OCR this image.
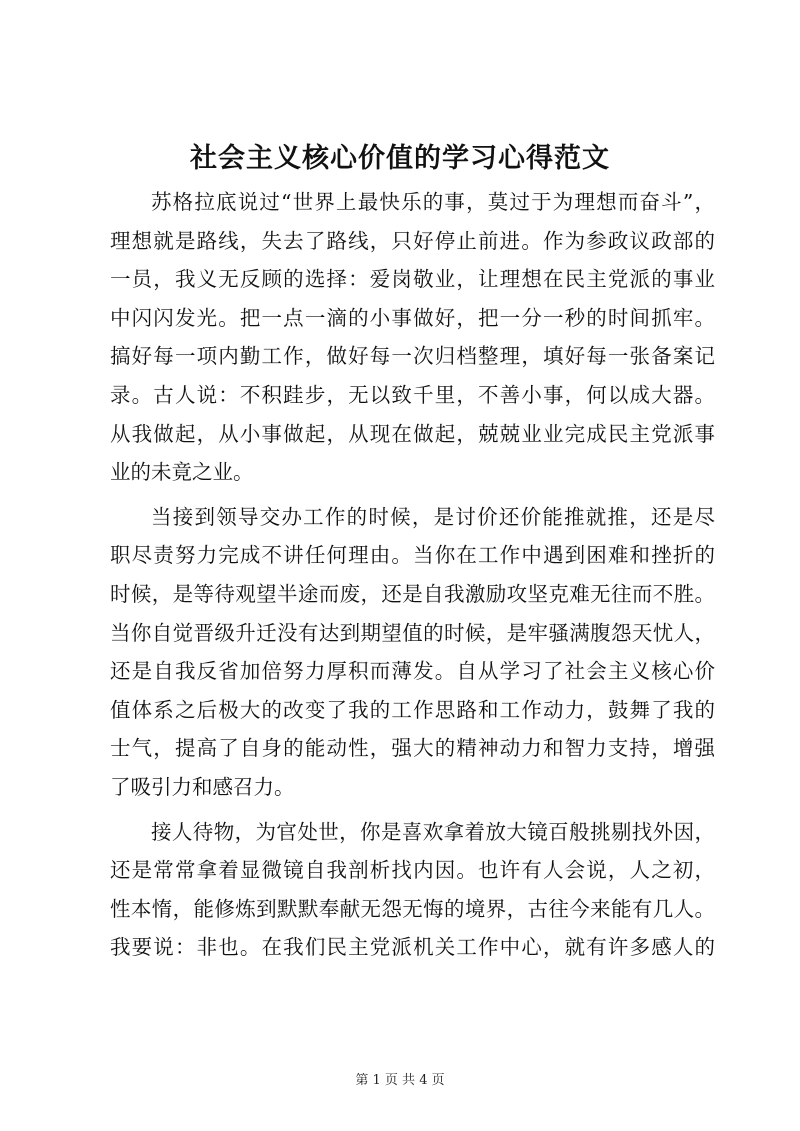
社会主义核心价值的学习心得范文
苏格拉底说过“世界上最快乐的事，莫过于为理想而奋斗”，
理想就是路线，失去了路线，只好停止前进。作为参政议政部的
一员，我义无反顾的选择：爱岗敬业，让理想在民主党派的事业
中闪闪发光。把一点一滴的小事做好，把一分一秒的时间抓牢。
搞好每一项内勤工作，做好每一次归档整理，填好每一张备案记
录。古人说：不积跬步，无以致千里，不善小事，何以成大器。
从我做起，从小事做起，从现在做起，兢兢业业完成民主党派事
业的未竟之业。
当接到领导交办工作的时候，是讨价还价能推就推，还是尽
职尽责努力完成不讲任何理由。当你在工作中遇到困难和挫折的
时候，是等待观望半途而废，还是自我激励攻坚克难无往而不胜。
当你自觉晋级升迁没有达到期望值的时候，是牢骚满腹怨天忧人，
还是自我反省加倍努力厚积而薄发。自从学习了社会主义核心价
值体系之后极大的改变了我的工作思路和工作动力，鼓舞了我的
士气，提高了自身的能动性，强大的精神动力和智力支持，增强
了吸引力和感召力。
接人待物，为官处世，你是喜欢拿着放大镜百般挑剔找外因，
还是常常拿着显微镜自我剖析找内因。也许有人会说，人之初，
性本惰，能修炼到默默奉献无怨无悔的境界，古往今来能有几人。
我要说：非也。在我们民主党派机关工作中心，就有许多感人的
第 1 页 共 4 页
